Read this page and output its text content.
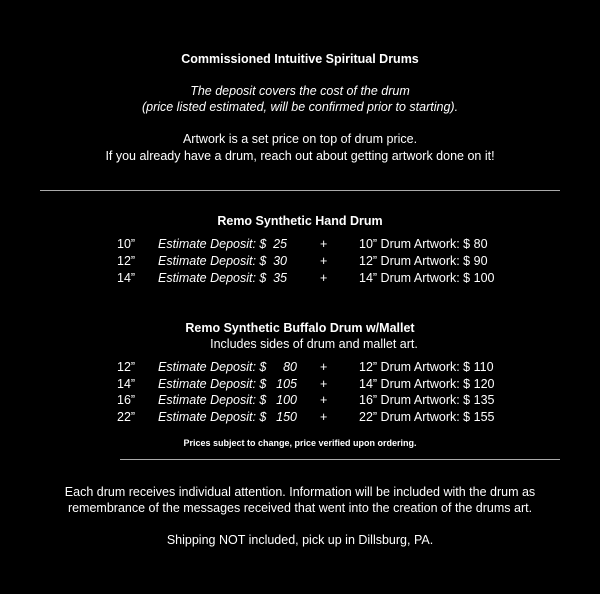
Commissioned Intuitive Spiritual Drums
The deposit covers the cost of the drum
(price listed estimated, will be confirmed prior to starting).
Artwork is a set price on top of drum price.
If you already have a drum, reach out about getting artwork done on it!
Remo Synthetic Hand Drum
10” Estimate Deposit: $ 25	+	10” Drum Artwork: $ 80
12” Estimate Deposit: $ 30	+	12” Drum Artwork: $ 90
14” Estimate Deposit: $ 35	+	14” Drum Artwork: $ 100
Remo Synthetic Buffalo Drum w/Mallet
Includes sides of drum and mallet art.
12” Estimate Deposit: $ 80 +	12” Drum Artwork: $ 110
14” Estimate Deposit: $ 105 +	14” Drum Artwork: $ 120
16” Estimate Deposit: $ 100 +	16” Drum Artwork: $ 135
22” Estimate Deposit: $ 150 +	22” Drum Artwork: $ 155
Prices subject to change, price verified upon ordering.
Each drum receives individual attention. Information will be included with the drum as
remembrance of the messages received that went into the creation of the drums art.
Shipping NOT included, pick up in Dillsburg, PA.
